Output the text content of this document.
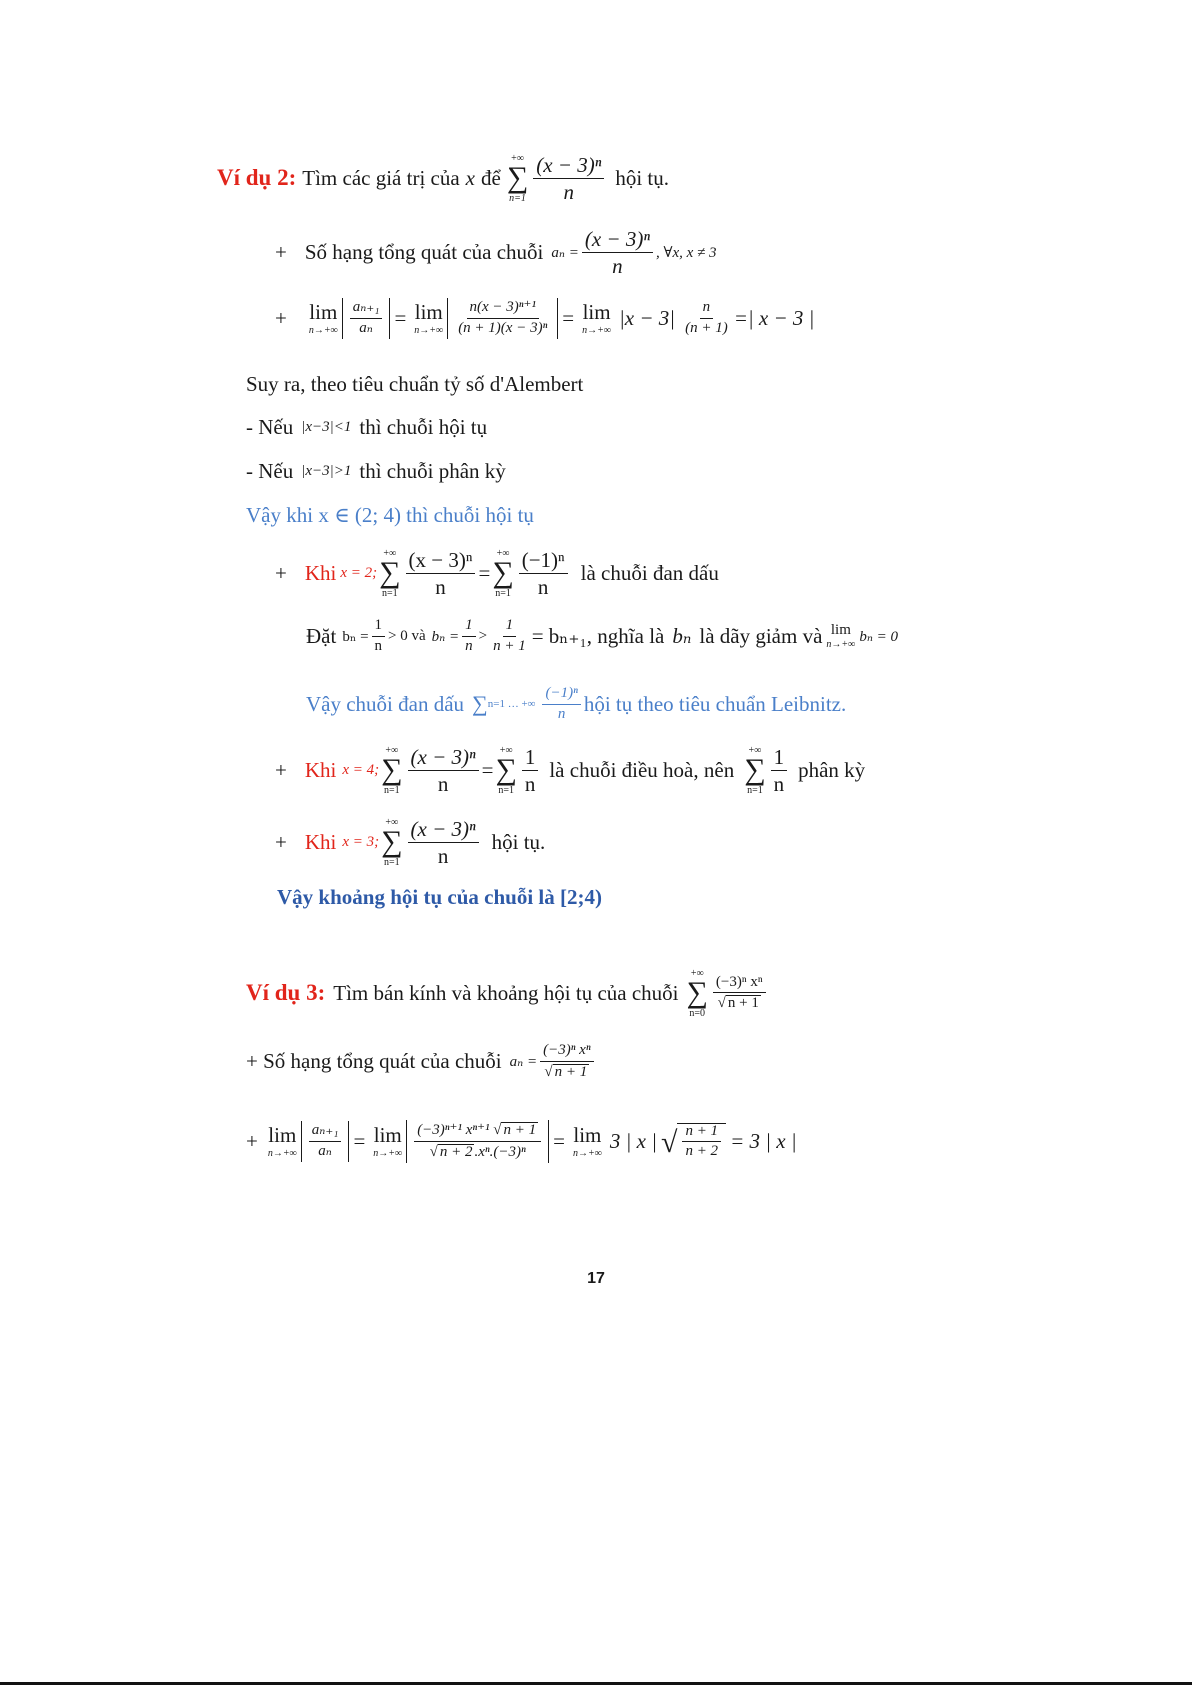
Ví dụ 2: Tìm các giá trị của x để
+∞
∑
$n=1 \frac{\text{(x − 3)ⁿ}}{n}$ hội tụ.
+ Số hạng tổng quát của chuỗi $a_n = \frac{\text{(x − 3)ⁿ}}{n}$ , ∀x, x ≠ 3
+ lim
$n\to+\infty \frac{\text{aₙ₊₁}}{\text{aₙ}} = \lim$
$n\to+\infty \frac{\text{n(x − 3)ⁿ⁺¹}}{\text{(n + 1)(x − 3)ⁿ}} = \lim$
n→+∞
$|x - 3| \frac{n}{(n + 1)}$ =| x − 3 |
Suy ra, theo tiêu chuẩn tỷ số d'Alembert
- Nếu |x−3|<1 thì chuỗi hội tụ
- Nếu |x−3|>1 thì chuỗi phân kỳ
Vậy khi x ∈ (2; 4) thì chuỗi hội tụ
+ Khi x = 2;
+∞
∑
$n=1 \frac{\text{(x − 3)ⁿ}}{n}$ =
+∞
∑
$n=1 \frac{\text{(−1)ⁿ}}{n}$ là chuỗi đan dấu
Đặt $b_n = \frac{1}{n} > 0$ và $b_n = \frac{1}{n} > \frac{1}{n + 1} = b_{n+1}$, nghĩa là bₙ là dãy giảm và lim
n→+∞ bₙ = 0
Vậy chuỗi đan dấu ∑ n=1 … +∞ $\frac{\text{(−1)ⁿ}}{n}$ hội tụ theo tiêu chuẩn Leibnitz.
+ Khi x = 4;
+∞
∑
$n=1 \frac{\text{(x − 3)ⁿ}}{n}$ =
+∞
∑
$n=1 \frac{1}{n}$ là chuỗi điều hoà, nên
+∞
∑
$n=1 \frac{1}{n}$ phân kỳ
+ Khi x = 3;
+∞
∑
$n=1 \frac{\text{(x − 3)ⁿ}}{n}$ hội tụ.
Vậy khoảng hội tụ của chuỗi là [2;4)
Ví dụ 3: Tìm bán kính và khoảng hội tụ của chuỗi
+∞
∑
n=0
$\frac{\text{(−3)ⁿ xⁿ}}{√ n + 1}$
+ Số hạng tổng quát của chuỗi $a_n = \frac{\text{(−3)ⁿ xⁿ}}{√ n + 1}$
+ lim
$n\to+\infty \frac{\text{aₙ₊₁}}{\text{aₙ}} = \lim$
$n\to+\infty \frac{\text{(−3)ⁿ⁺¹ xⁿ⁺¹ √ n + 1}}{\text{√ n + 2 .xⁿ.(−3)ⁿ}} = \lim$
n→+∞
3 | x | √ $\frac{n + 1}{n + 2} = 3$ | x |
17
